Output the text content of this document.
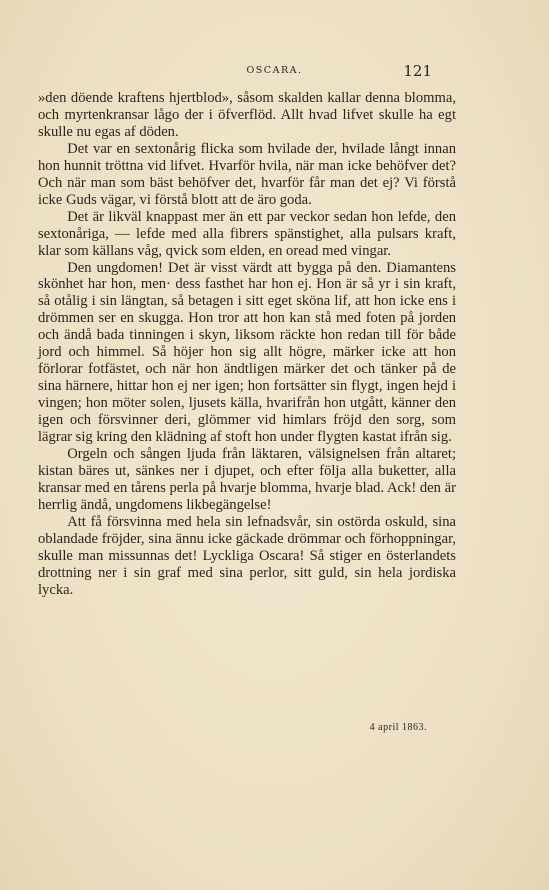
OSCARA.	121

»den döende kraftens hjertblod», såsom skalden kallar denna blomma, och myrtenkransar lågo der i öfverflöd. Allt hvad lifvet skulle ha egt skulle nu egas af döden.

Det var en sextonårig flicka som hvilade der, hvilade långt innan hon hunnit tröttna vid lifvet. Hvarför hvila, när man icke behöfver det? Och när man som bäst behöfver det, hvarför får man det ej? Vi förstå icke Guds vägar, vi förstå blott att de äro goda.

Det är likväl knappast mer än ett par veckor sedan hon lefde, den sextonåriga, — lefde med alla fibrers spänstighet, alla pulsars kraft, klar som källans våg, qvick som elden, en oread med vingar.

Den ungdomen! Det är visst värdt att bygga på den. Diamantens skönhet har hon, men· dess fasthet har hon ej. Hon är så yr i sin kraft, så otålig i sin längtan, så betagen i sitt eget sköna lif, att hon icke ens i drömmen ser en skugga. Hon tror att hon kan stå med foten på jorden och ändå bada tinningen i skyn, liksom räckte hon redan till för både jord och himmel. Så höjer hon sig allt högre, märker icke att hon förlorar fotfästet, och när hon ändtligen märker det och tänker på de sina härnere, hittar hon ej ner igen; hon fortsätter sin flygt, ingen hejd i vingen; hon möter solen, ljusets källa, hvarifrån hon utgått, känner den igen och försvinner deri, glömmer vid himlars fröjd den sorg, som lägrar sig kring den klädning af stoft hon under flygten kastat ifrån sig.

Orgeln och sången ljuda från läktaren, välsignelsen från altaret; kistan bäres ut, sänkes ner i djupet, och efter följa alla buketter, alla kransar med en tårens perla på hvarje blomma, hvarje blad. Ack! den är herrlig ändå, ungdomens likbegängelse!

Att få försvinna med hela sin lefnadsvår, sin ostörda oskuld, sina oblandade fröjder, sina ännu icke gäckade drömmar och förhoppningar, skulle man missunnas det! Lyckliga Oscara! Så stiger en österlandets drottning ner i sin graf med sina perlor, sitt guld, sin hela jordiska lycka.

4 april 1863.
